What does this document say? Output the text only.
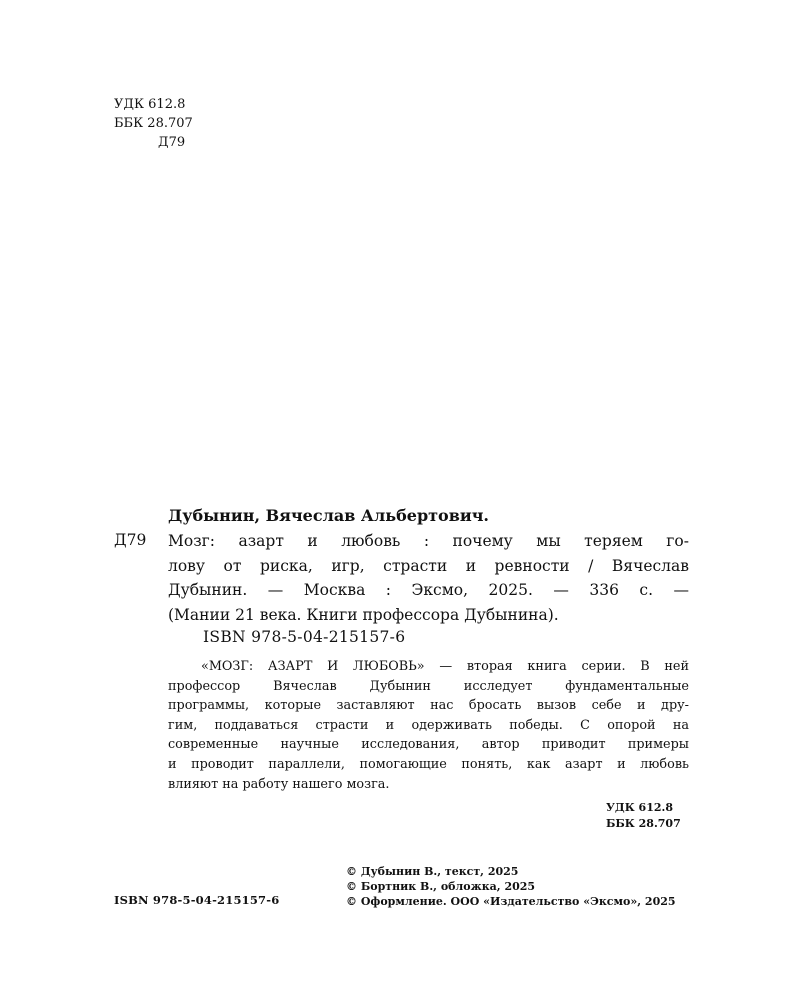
УДК 612.8
ББК 28.707
Д79
Дубынин, Вячеслав Альбертович.
Д79 Мозг: азарт и любовь : почему мы теряем го-
лову от риска, игр, страсти и ревности / Вячеслав
Дубынин. — Москва : Эксмо, 2025. — 336 с. —
(Мании 21 века. Книги профессора Дубынина).
ISBN 978-5-04-215157-6
«МОЗГ: АЗАРТ И ЛЮБОВЬ» — вторая книга серии. В ней
профессор Вячеслав Дубынин исследует фундаментальные
программы, которые заставляют нас бросать вызов себе и дру-
гим, поддаваться страсти и одерживать победы. С опорой на
современные научные исследования, автор приводит примеры
и проводит параллели, помогающие понять, как азарт и любовь
влияют на работу нашего мозга.
УДК 612.8
ББК 28.707
ISBN 978-5-04-215157-6
© Дубынин В., текст, 2025
© Бортник В., обложка, 2025
© Оформление. ООО «Издательство «Эксмо», 2025
